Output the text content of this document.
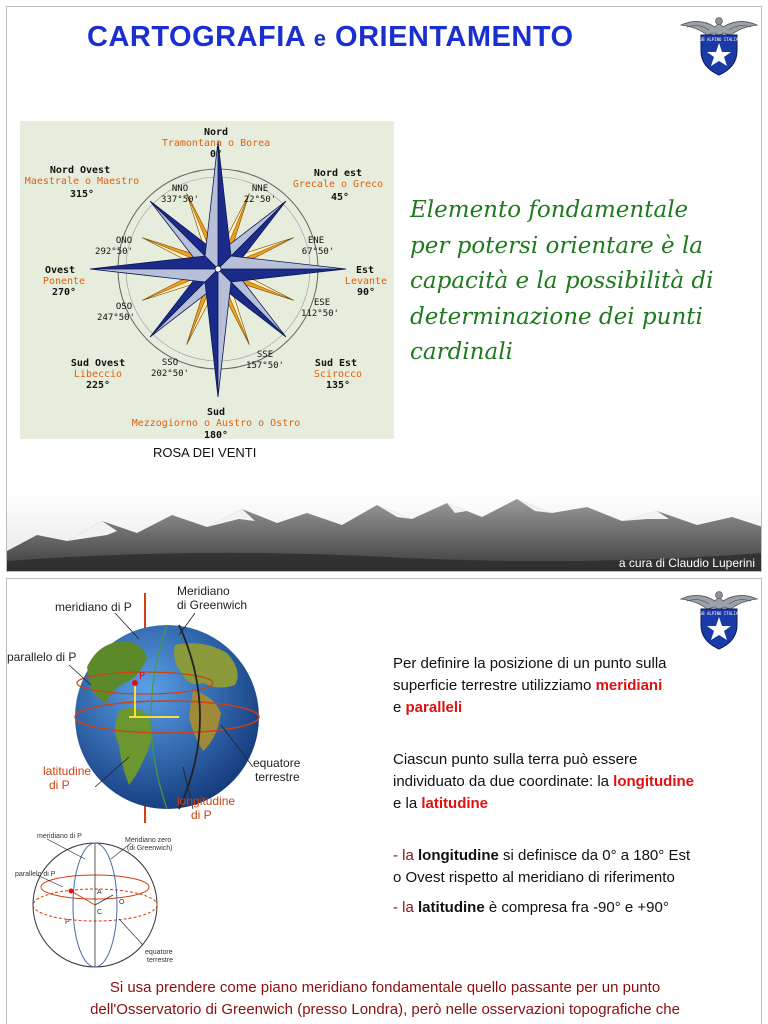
CARTOGRAFIA e ORIENTAMENTO	CLUB ALPINO ITALIANO
Nord
Nord Ovest	Nord est
Ovest	Est
Sud Ovest	Sud Est
Sud
Tramontana o Borea
Maestrale o Maestro	Grecale o Greco
Ponente	Levante
Libeccio	Scirocco
Mezzogiorno o Austro o Ostro
0°
315°	45°
270°	90°
225°	135°
180°
NNO
337°50'
NNE
22°50'
ENE
67°50'
ESE
112°50'
SSE
157°50'
SSO
202°50'
OSO
247°50'
ONO
292°50'
ROSA DEI VENTI
Elemento fondamentale
per potersi orientare è la
capacità e la possibilità di
determinazione dei punti
cardinali
a cura di Claudio Luperini
CLUB ALPINO ITALIANO
P
meridiano di P
Meridiano
di Greenwich
parallelo di P
latitudine
di P
equatore
terrestre
longitudine
di P
meridiano di P
Meridiano zero
(di Greenwich)
parallelo di P
equatore
terrestre
A
C
O
P
Per definire la posizione di un punto sulla
superficie terrestre utilizziamo meridiani
e paralleli
Ciascun punto sulla terra può essere
individuato da due coordinate: la longitudine
e la latitudine
- la longitudine si definisce da 0° a 180° Est
o Ovest rispetto al meridiano di riferimento
- la latitudine è compresa fra -90° e +90°
Si usa prendere come piano meridiano fondamentale quello passante per un punto
dell'Osservatorio di Greenwich (presso Londra), però nelle osservazioni topografiche che
